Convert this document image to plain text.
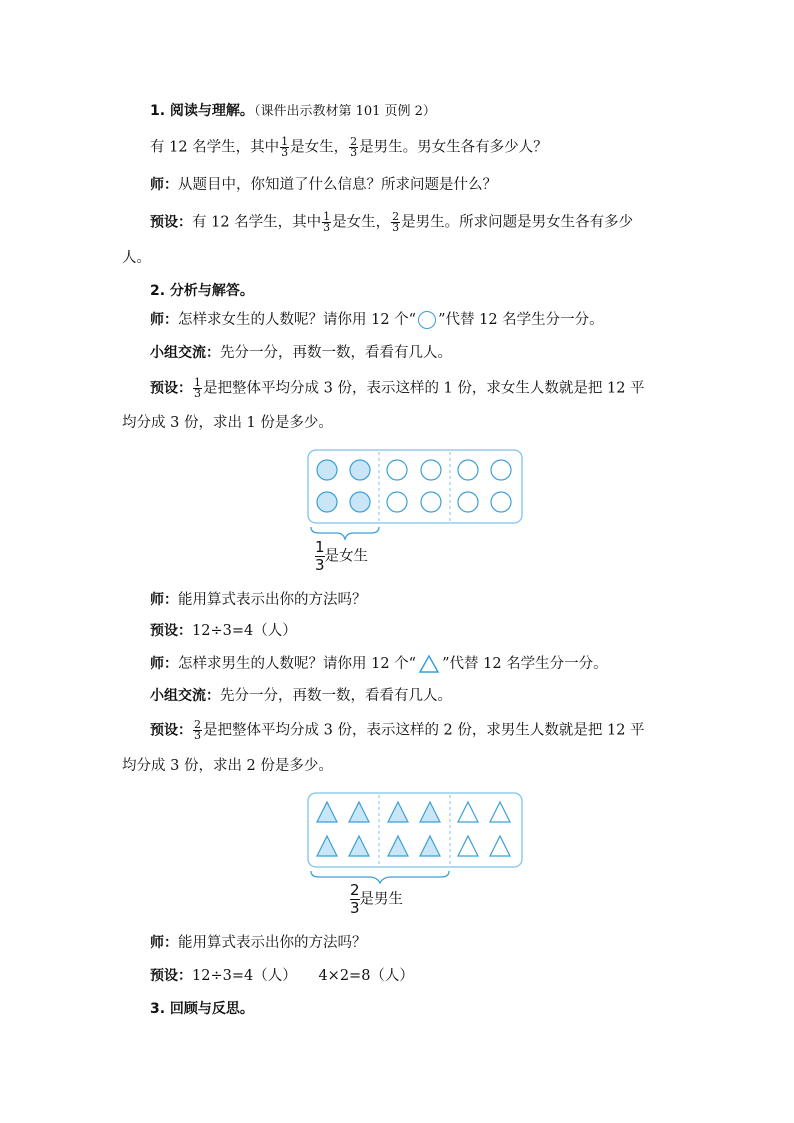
1. 阅读与理解。（课件出示教材第 101 页例 2）
有 12 名学生，其中 $\frac{1}{3}$ 是女生， $\frac{2}{3}$ 是男生。男女生各有多少人？
师：从题目中，你知道了什么信息？所求问题是什么？
预设：有 12 名学生，其中 $\frac{1}{3}$ 是女生， $\frac{2}{3}$ 是男生。所求问题是男女生各有多少
人。
2. 分析与解答。
师：怎样求女生的人数呢？请你用 12 个“ ”代替 12 名学生分一分。
小组交流：先分一分，再数一数，看看有几人。
预设： $\frac{1}{3}$ 是把整体平均分成 3 份，表示这样的 1 份，求女生人数就是把 12 平
均分成 3 份，求出 1 份是多少。
$\frac{1}{3}$ 是女生
师：能用算式表示出你的方法吗？
预设：12÷3=4（人）
师：怎样求男生的人数呢？请你用 12 个“ ”代替 12 名学生分一分。
小组交流：先分一分，再数一数，看看有几人。
预设： $\frac{2}{3}$ 是把整体平均分成 3 份，表示这样的 2 份，求男生人数就是把 12 平
均分成 3 份，求出 2 份是多少。
$\frac{2}{3}$ 是男生
师：能用算式表示出你的方法吗？
预设：12÷3=4（人）　　4×2=8（人）
3. 回顾与反思。
